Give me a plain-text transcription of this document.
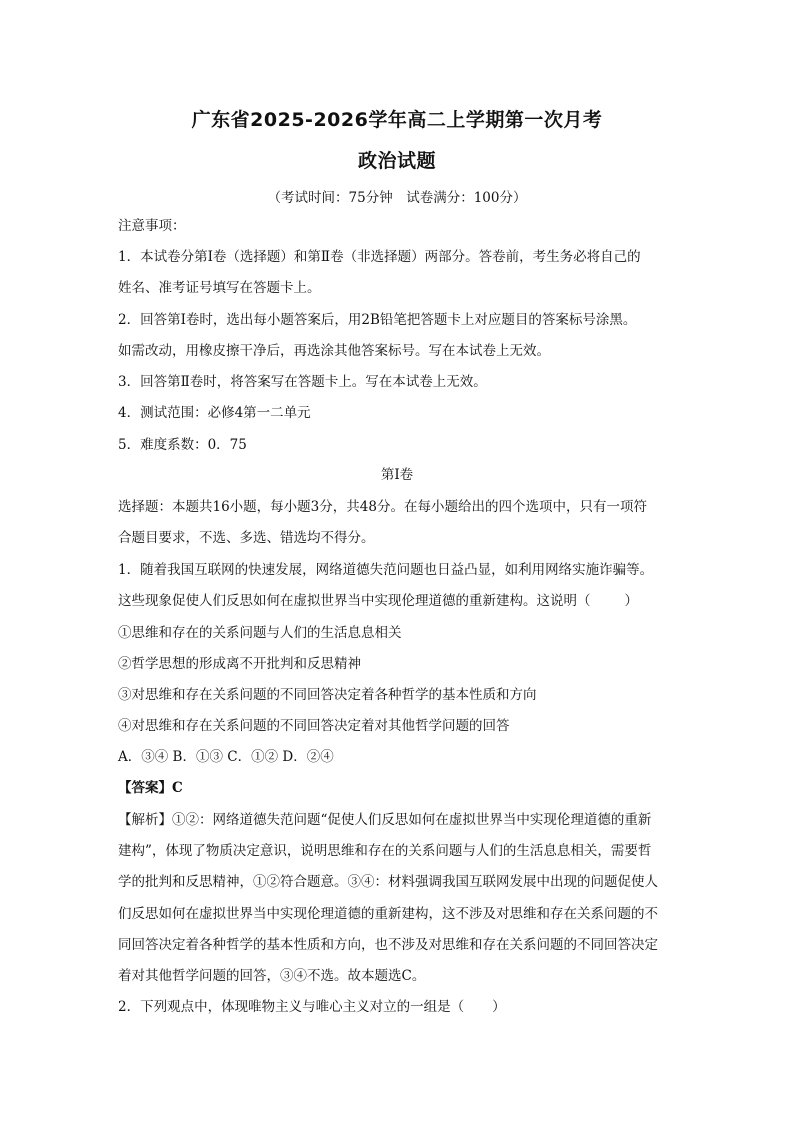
广东省2025-2026学年高二上学期第一次月考
政治试题
（考试时间：75分钟　试卷满分：100分）
注意事项：
1．本试卷分第Ⅰ卷（选择题）和第Ⅱ卷（非选择题）两部分。答卷前，考生务必将自己的
姓名、准考证号填写在答题卡上。
2．回答第Ⅰ卷时，选出每小题答案后，用2B铅笔把答题卡上对应题目的答案标号涂黑。
如需改动，用橡皮擦干净后，再选涂其他答案标号。写在本试卷上无效。
3．回答第Ⅱ卷时，将答案写在答题卡上。写在本试卷上无效。
4．测试范围：必修4第一二单元
5．难度系数：0．75
第Ⅰ卷
选择题：本题共16小题，每小题3分，共48分。在每小题给出的四个选项中，只有一项符
合题目要求，不选、多选、错选均不得分。
1．随着我国互联网的快速发展，网络道德失范问题也日益凸显，如利用网络实施诈骗等。
这些现象促使人们反思如何在虚拟世界当中实现伦理道德的重新建构。这说明（	）
①思维和存在的关系问题与人们的生活息息相关
②哲学思想的形成离不开批判和反思精神
③对思维和存在关系问题的不同回答决定着各种哲学的基本性质和方向
④对思维和存在关系问题的不同回答决定着对其他哲学问题的回答
A．③④ B．①③ C．①② D．②④
【答案】C
【解析】①②：网络道德失范问题“促使人们反思如何在虚拟世界当中实现伦理道德的重新
建构”，体现了物质决定意识，说明思维和存在的关系问题与人们的生活息息相关，需要哲
学的批判和反思精神，①②符合题意。③④：材料强调我国互联网发展中出现的问题促使人
们反思如何在虚拟世界当中实现伦理道德的重新建构，这不涉及对思维和存在关系问题的不
同回答决定着各种哲学的基本性质和方向，也不涉及对思维和存在关系问题的不同回答决定
着对其他哲学问题的回答，③④不选。故本题选C。
2．下列观点中，体现唯物主义与唯心主义对立的一组是（ ）
